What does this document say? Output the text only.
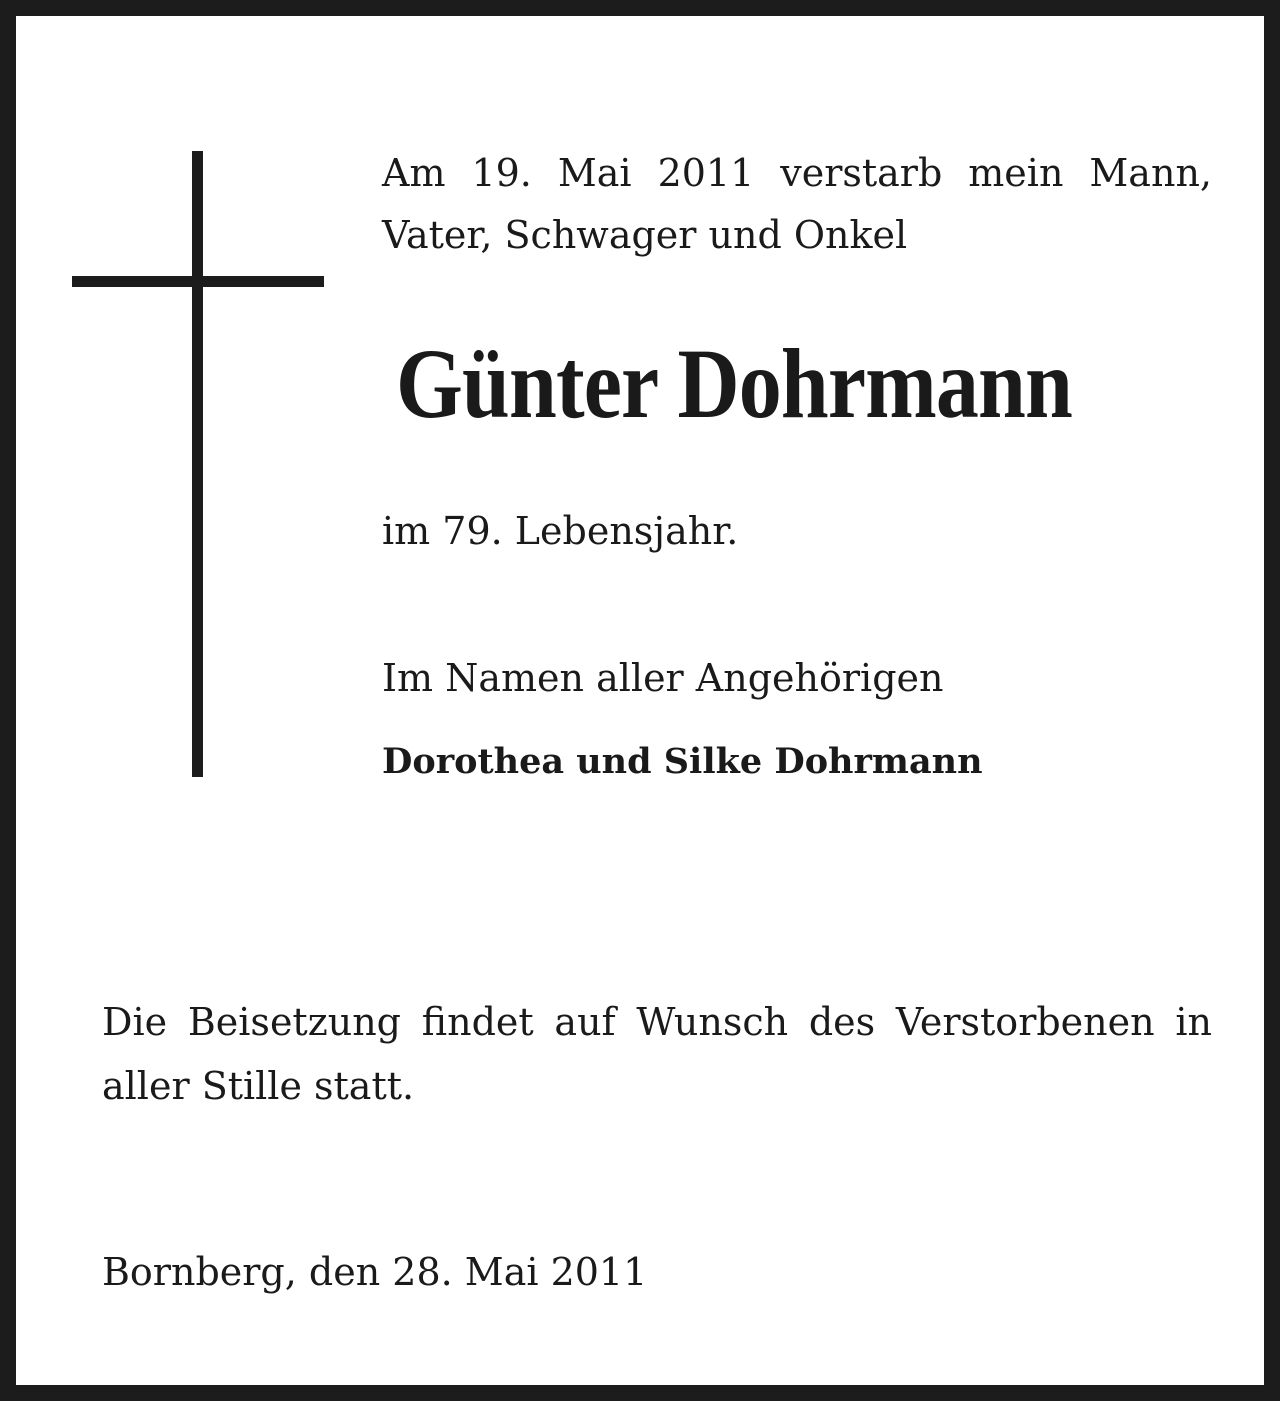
Am 19. Mai 2011 verstarb mein Mann,
Vater, Schwager und Onkel

Günter Dohrmann

im 79. Lebensjahr.

Im Namen aller Angehörigen

Dorothea und Silke Dohrmann

Die Beisetzung findet auf Wunsch des Verstorbenen in
aller Stille statt.

Bornberg, den 28. Mai 2011
